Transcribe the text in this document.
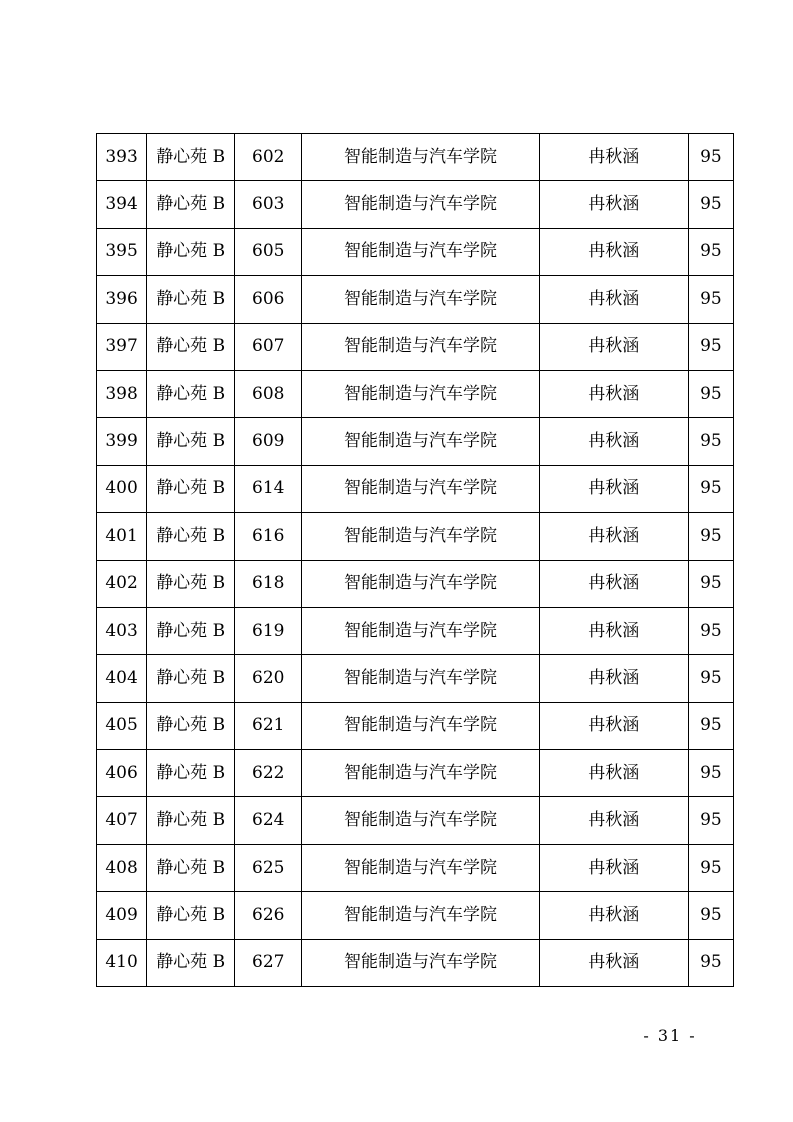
393	静心苑 B	602	智能制造与汽车学院	冉秋涵	95
394	静心苑 B	603	智能制造与汽车学院	冉秋涵	95
395	静心苑 B	605	智能制造与汽车学院	冉秋涵	95
396	静心苑 B	606	智能制造与汽车学院	冉秋涵	95
397	静心苑 B	607	智能制造与汽车学院	冉秋涵	95
398	静心苑 B	608	智能制造与汽车学院	冉秋涵	95
399	静心苑 B	609	智能制造与汽车学院	冉秋涵	95
400	静心苑 B	614	智能制造与汽车学院	冉秋涵	95
401	静心苑 B	616	智能制造与汽车学院	冉秋涵	95
402	静心苑 B	618	智能制造与汽车学院	冉秋涵	95
403	静心苑 B	619	智能制造与汽车学院	冉秋涵	95
404	静心苑 B	620	智能制造与汽车学院	冉秋涵	95
405	静心苑 B	621	智能制造与汽车学院	冉秋涵	95
406	静心苑 B	622	智能制造与汽车学院	冉秋涵	95
407	静心苑 B	624	智能制造与汽车学院	冉秋涵	95
408	静心苑 B	625	智能制造与汽车学院	冉秋涵	95
409	静心苑 B	626	智能制造与汽车学院	冉秋涵	95
410	静心苑 B	627	智能制造与汽车学院	冉秋涵	95
- 31 -
